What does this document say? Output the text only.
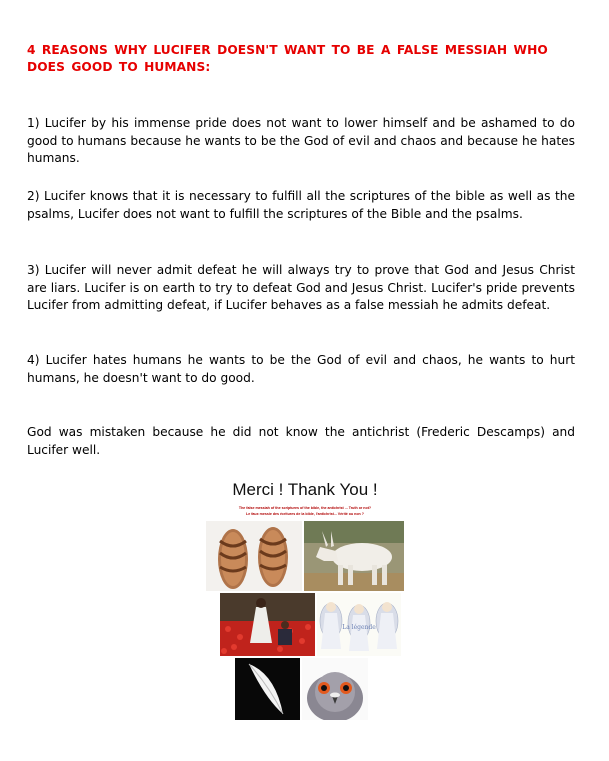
4 REASONS WHY LUCIFER DOESN'T WANT TO BE A FALSE MESSIAH WHO DOES GOOD TO HUMANS:

1) Lucifer by his immense pride does not want to lower himself and be ashamed to do good to humans because he wants to be the God of evil and chaos and because he hates humans.

2) Lucifer knows that it is necessary to fulfill all the scriptures of the bible as well as the psalms, Lucifer does not want to fulfill the scriptures of the Bible and the psalms.

3) Lucifer will never admit defeat he will always try to prove that God and Jesus Christ are liars. Lucifer is on earth to try to defeat God and Jesus Christ. Lucifer's pride prevents Lucifer from admitting defeat, if Lucifer behaves as a false messiah he admits defeat.

4) Lucifer hates humans he wants to be the God of evil and chaos, he wants to hurt humans, he doesn't want to do good.

God was mistaken because he did not know the antichrist (Frederic Descamps) and Lucifer well.

Merci ! Thank You !

The false messiah of the scriptures of the bible, the antichrist ... Truth or not?

Le faux messie des écritures de la bible, l'antichrist... Vérité ou non ?

La légende
